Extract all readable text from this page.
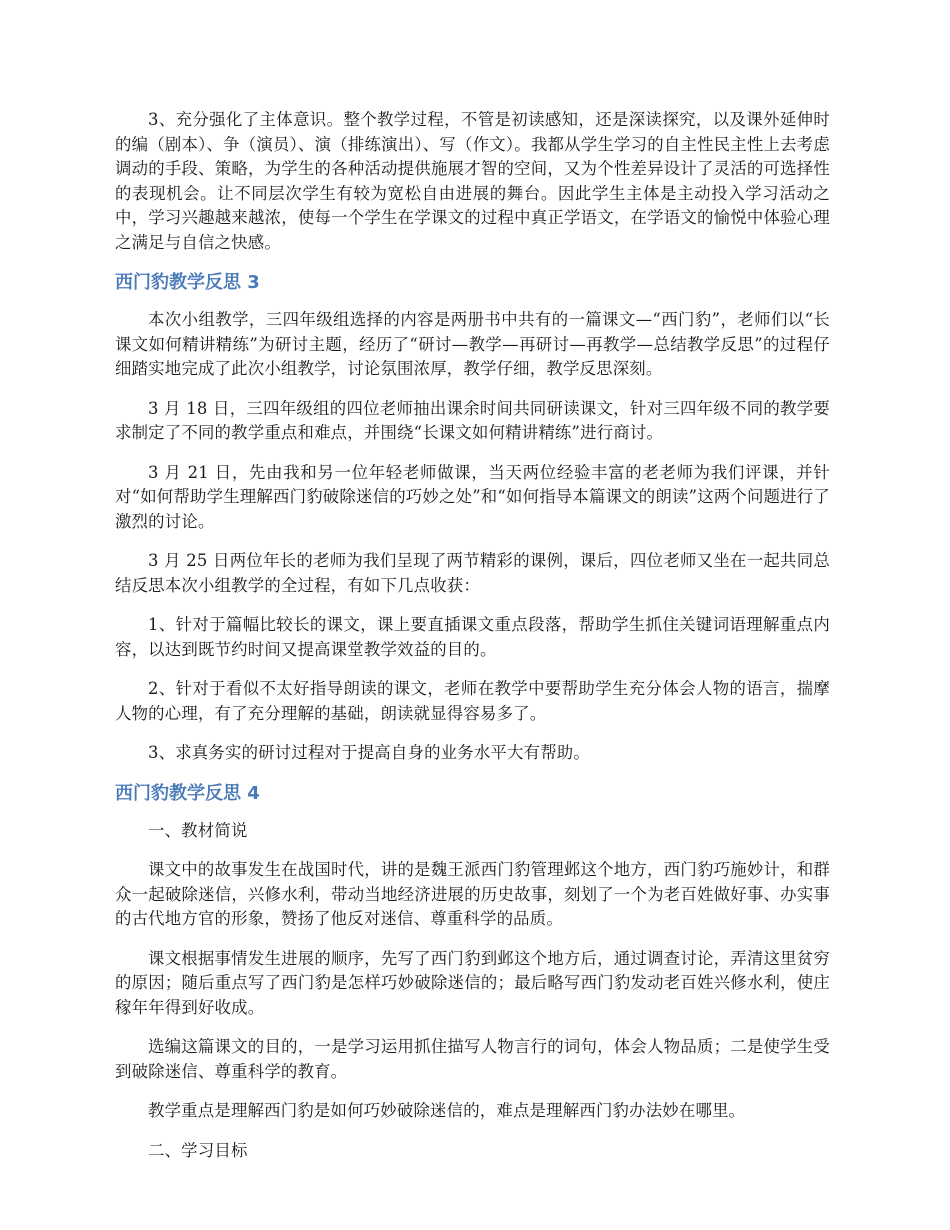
3、充分强化了主体意识。整个教学过程，不管是初读感知，还是深读探究，以及课外延伸时的编（剧本）、争（演员）、演（排练演出）、写（作文）。我都从学生学习的自主性民主性上去考虑调动的手段、策略，为学生的各种活动提供施展才智的空间，又为个性差异设计了灵活的可选择性的表现机会。让不同层次学生有较为宽松自由进展的舞台。因此学生主体是主动投入学习活动之中，学习兴趣越来越浓，使每一个学生在学课文的过程中真正学语文，在学语文的愉悦中体验心理之满足与自信之快感。

西门豹教学反思 3

本次小组教学，三四年级组选择的内容是两册书中共有的一篇课文—“西门豹”，老师们以“长课文如何精讲精练”为研讨主题，经历了“研讨—教学—再研讨—再教学—总结教学反思”的过程仔细踏实地完成了此次小组教学，讨论氛围浓厚，教学仔细，教学反思深刻。

3 月 18 日，三四年级组的四位老师抽出课余时间共同研读课文，针对三四年级不同的教学要求制定了不同的教学重点和难点，并围绕“长课文如何精讲精练”进行商讨。

3 月 21 日，先由我和另一位年轻老师做课，当天两位经验丰富的老老师为我们评课，并针对“如何帮助学生理解西门豹破除迷信的巧妙之处”和“如何指导本篇课文的朗读”这两个问题进行了激烈的讨论。

3 月 25 日两位年长的老师为我们呈现了两节精彩的课例，课后，四位老师又坐在一起共同总结反思本次小组教学的全过程，有如下几点收获：

1、针对于篇幅比较长的课文，课上要直插课文重点段落，帮助学生抓住关键词语理解重点内容，以达到既节约时间又提高课堂教学效益的目的。

2、针对于看似不太好指导朗读的课文，老师在教学中要帮助学生充分体会人物的语言，揣摩人物的心理，有了充分理解的基础，朗读就显得容易多了。

3、求真务实的研讨过程对于提高自身的业务水平大有帮助。

西门豹教学反思 4

一、教材简说

课文中的故事发生在战国时代，讲的是魏王派西门豹管理邺这个地方，西门豹巧施妙计，和群众一起破除迷信，兴修水利，带动当地经济进展的历史故事，刻划了一个为老百姓做好事、办实事的古代地方官的形象，赞扬了他反对迷信、尊重科学的品质。

课文根据事情发生进展的顺序，先写了西门豹到邺这个地方后，通过调查讨论，弄清这里贫穷的原因；随后重点写了西门豹是怎样巧妙破除迷信的；最后略写西门豹发动老百姓兴修水利，使庄稼年年得到好收成。

选编这篇课文的目的，一是学习运用抓住描写人物言行的词句，体会人物品质；二是使学生受到破除迷信、尊重科学的教育。

教学重点是理解西门豹是如何巧妙破除迷信的，难点是理解西门豹办法妙在哪里。

二、学习目标
